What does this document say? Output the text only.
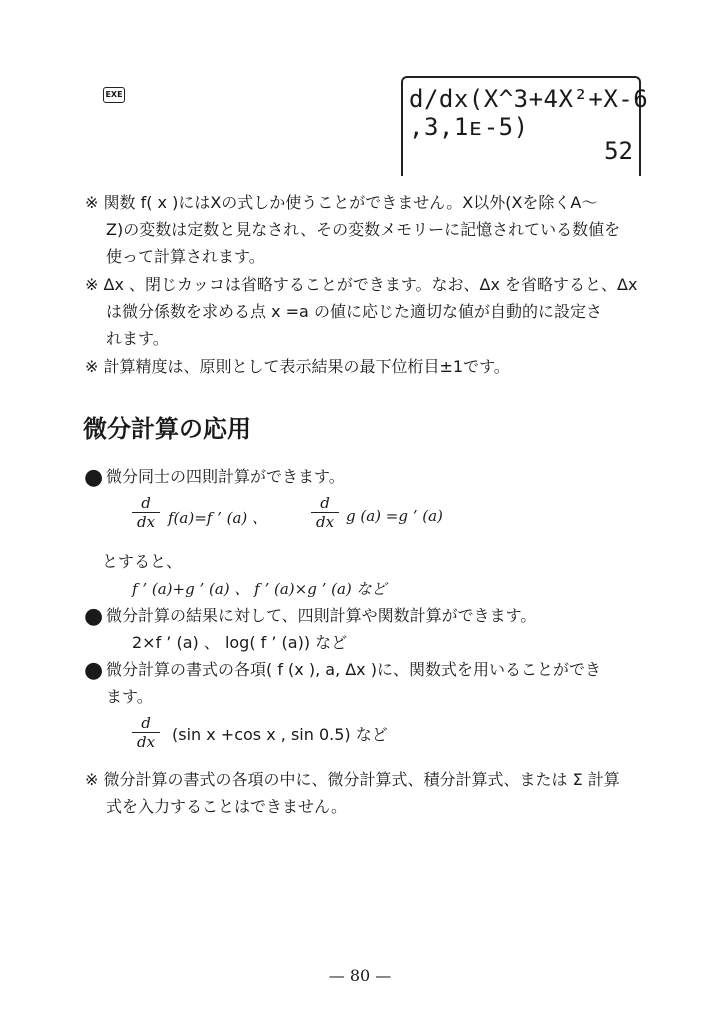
EXE	d/dx(X^3+4X²+X-6
,3,1ᴇ-5)
52
※ 関数 f( x )にはXの式しか使うことができません。X以外(Xを除くA〜
Z)の変数は定数と見なされ、その変数メモリーに記憶されている数値を
使って計算されます。
※ Δx 、閉じカッコは省略することができます。なお、Δx を省略すると、Δx
は微分係数を求める点 x =a の値に応じた適切な値が自動的に設定さ
れます。
※ 計算精度は、原則として表示結果の最下位桁目±1です。
微分計算の応用
● 微分同士の四則計算ができます。
d
dx f(a)=f ’ (a) 、
d
dx g (a) =g ’ (a)
とすると、
f ’ (a)+g ’ (a) 、 f ’ (a)×g ’ (a) など
● 微分計算の結果に対して、四則計算や関数計算ができます。
2×f ’ (a) 、 log( f ’ (a)) など
● 微分計算の書式の各項( f (x ), a, Δx )に、関数式を用いることができ
ます。
d
dx	(sin x +cos x , sin 0.5) など
※ 微分計算の書式の各項の中に、微分計算式、積分計算式、または Σ 計算
式を入力することはできません。
— 80 —
